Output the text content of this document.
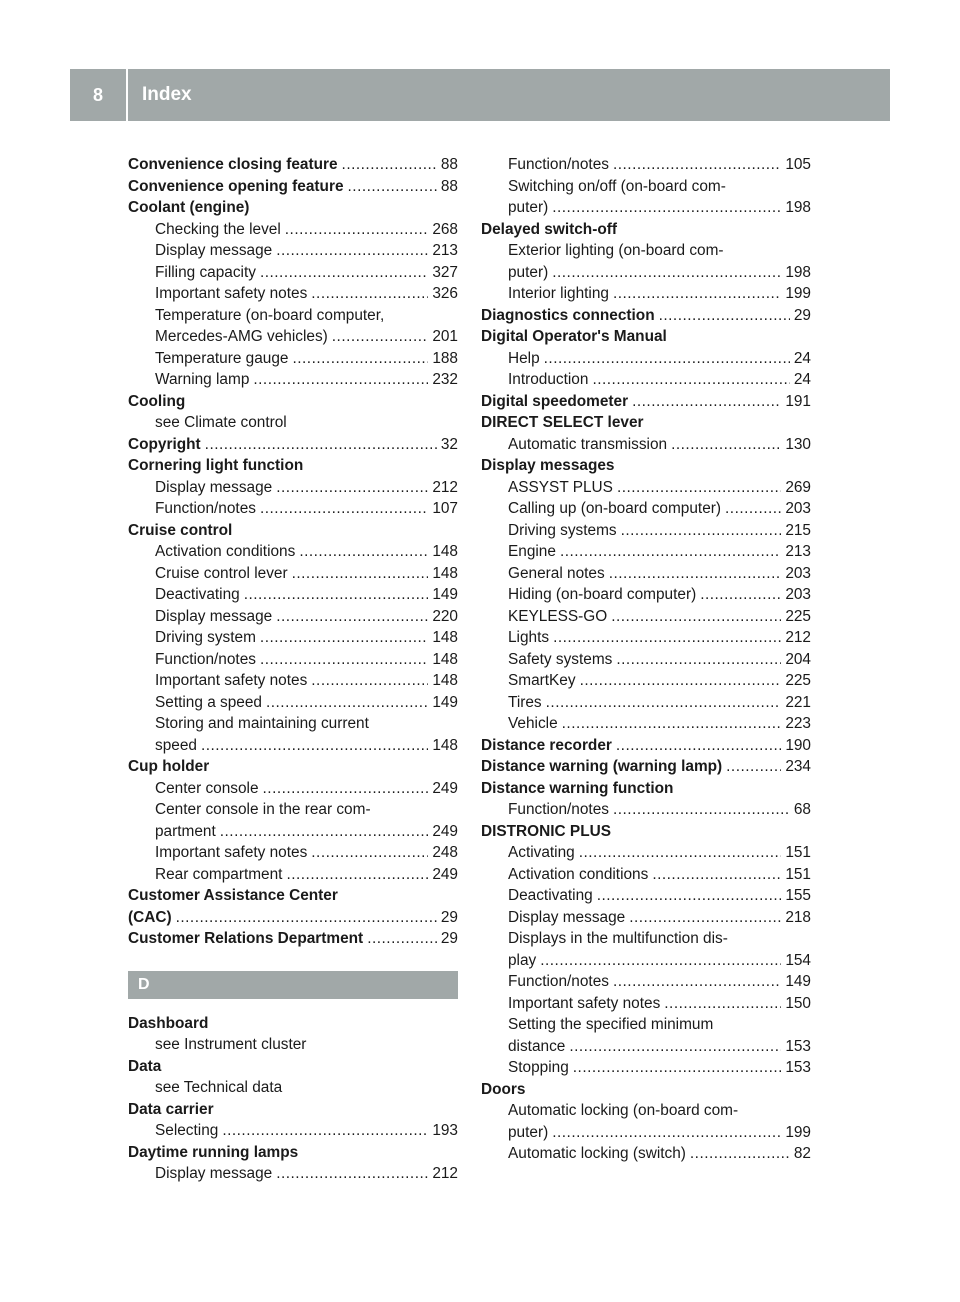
8	Index
Convenience closing feature .....	88
Convenience opening feature .....	88
Coolant (engine)
Checking the level .....	268
Display message .....	213
Filling capacity .....	327
Important safety notes .....	326
Temperature (on-board computer,
Mercedes-AMG vehicles) .....	201
Temperature gauge .....	188
Warning lamp .....	232
Cooling
see Climate control
Copyright .....	32
Cornering light function
Display message .....	212
Function/notes .....	107
Cruise control
Activation conditions .....	148
Cruise control lever .....	148
Deactivating .....	149
Display message .....	220
Driving system .....	148
Function/notes .....	148
Important safety notes .....	148
Setting a speed .....	149
Storing and maintaining current
speed .....	148
Cup holder
Center console .....	249
Center console in the rear com-
partment .....	249
Important safety notes .....	248
Rear compartment .....	249
Customer Assistance Center
(CAC) .....	29
Customer Relations Department .....	29
D
Dashboard
see Instrument cluster
Data
see Technical data
Data carrier
Selecting .....	193
Daytime running lamps
Display message .....	212
Function/notes .....	105
Switching on/off (on-board com-
puter) .....	198
Delayed switch-off
Exterior lighting (on-board com-
puter) .....	198
Interior lighting .....	199
Diagnostics connection .....	29
Digital Operator's Manual
Help .....	24
Introduction .....	24
Digital speedometer .....	191
DIRECT SELECT lever
Automatic transmission .....	130
Display messages
ASSYST PLUS .....	269
Calling up (on-board computer) .....	203
Driving systems .....	215
Engine .....	213
General notes .....	203
Hiding (on-board computer) .....	203
KEYLESS-GO .....	225
Lights .....	212
Safety systems .....	204
SmartKey .....	225
Tires .....	221
Vehicle .....	223
Distance recorder .....	190
Distance warning (warning lamp) .....	234
Distance warning function
Function/notes .....	68
DISTRONIC PLUS
Activating .....	151
Activation conditions .....	151
Deactivating .....	155
Display message .....	218
Displays in the multifunction dis-
play .....	154
Function/notes .....	149
Important safety notes .....	150
Setting the specified minimum
distance .....	153
Stopping .....	153
Doors
Automatic locking (on-board com-
puter) .....	199
Automatic locking (switch) .....	82
